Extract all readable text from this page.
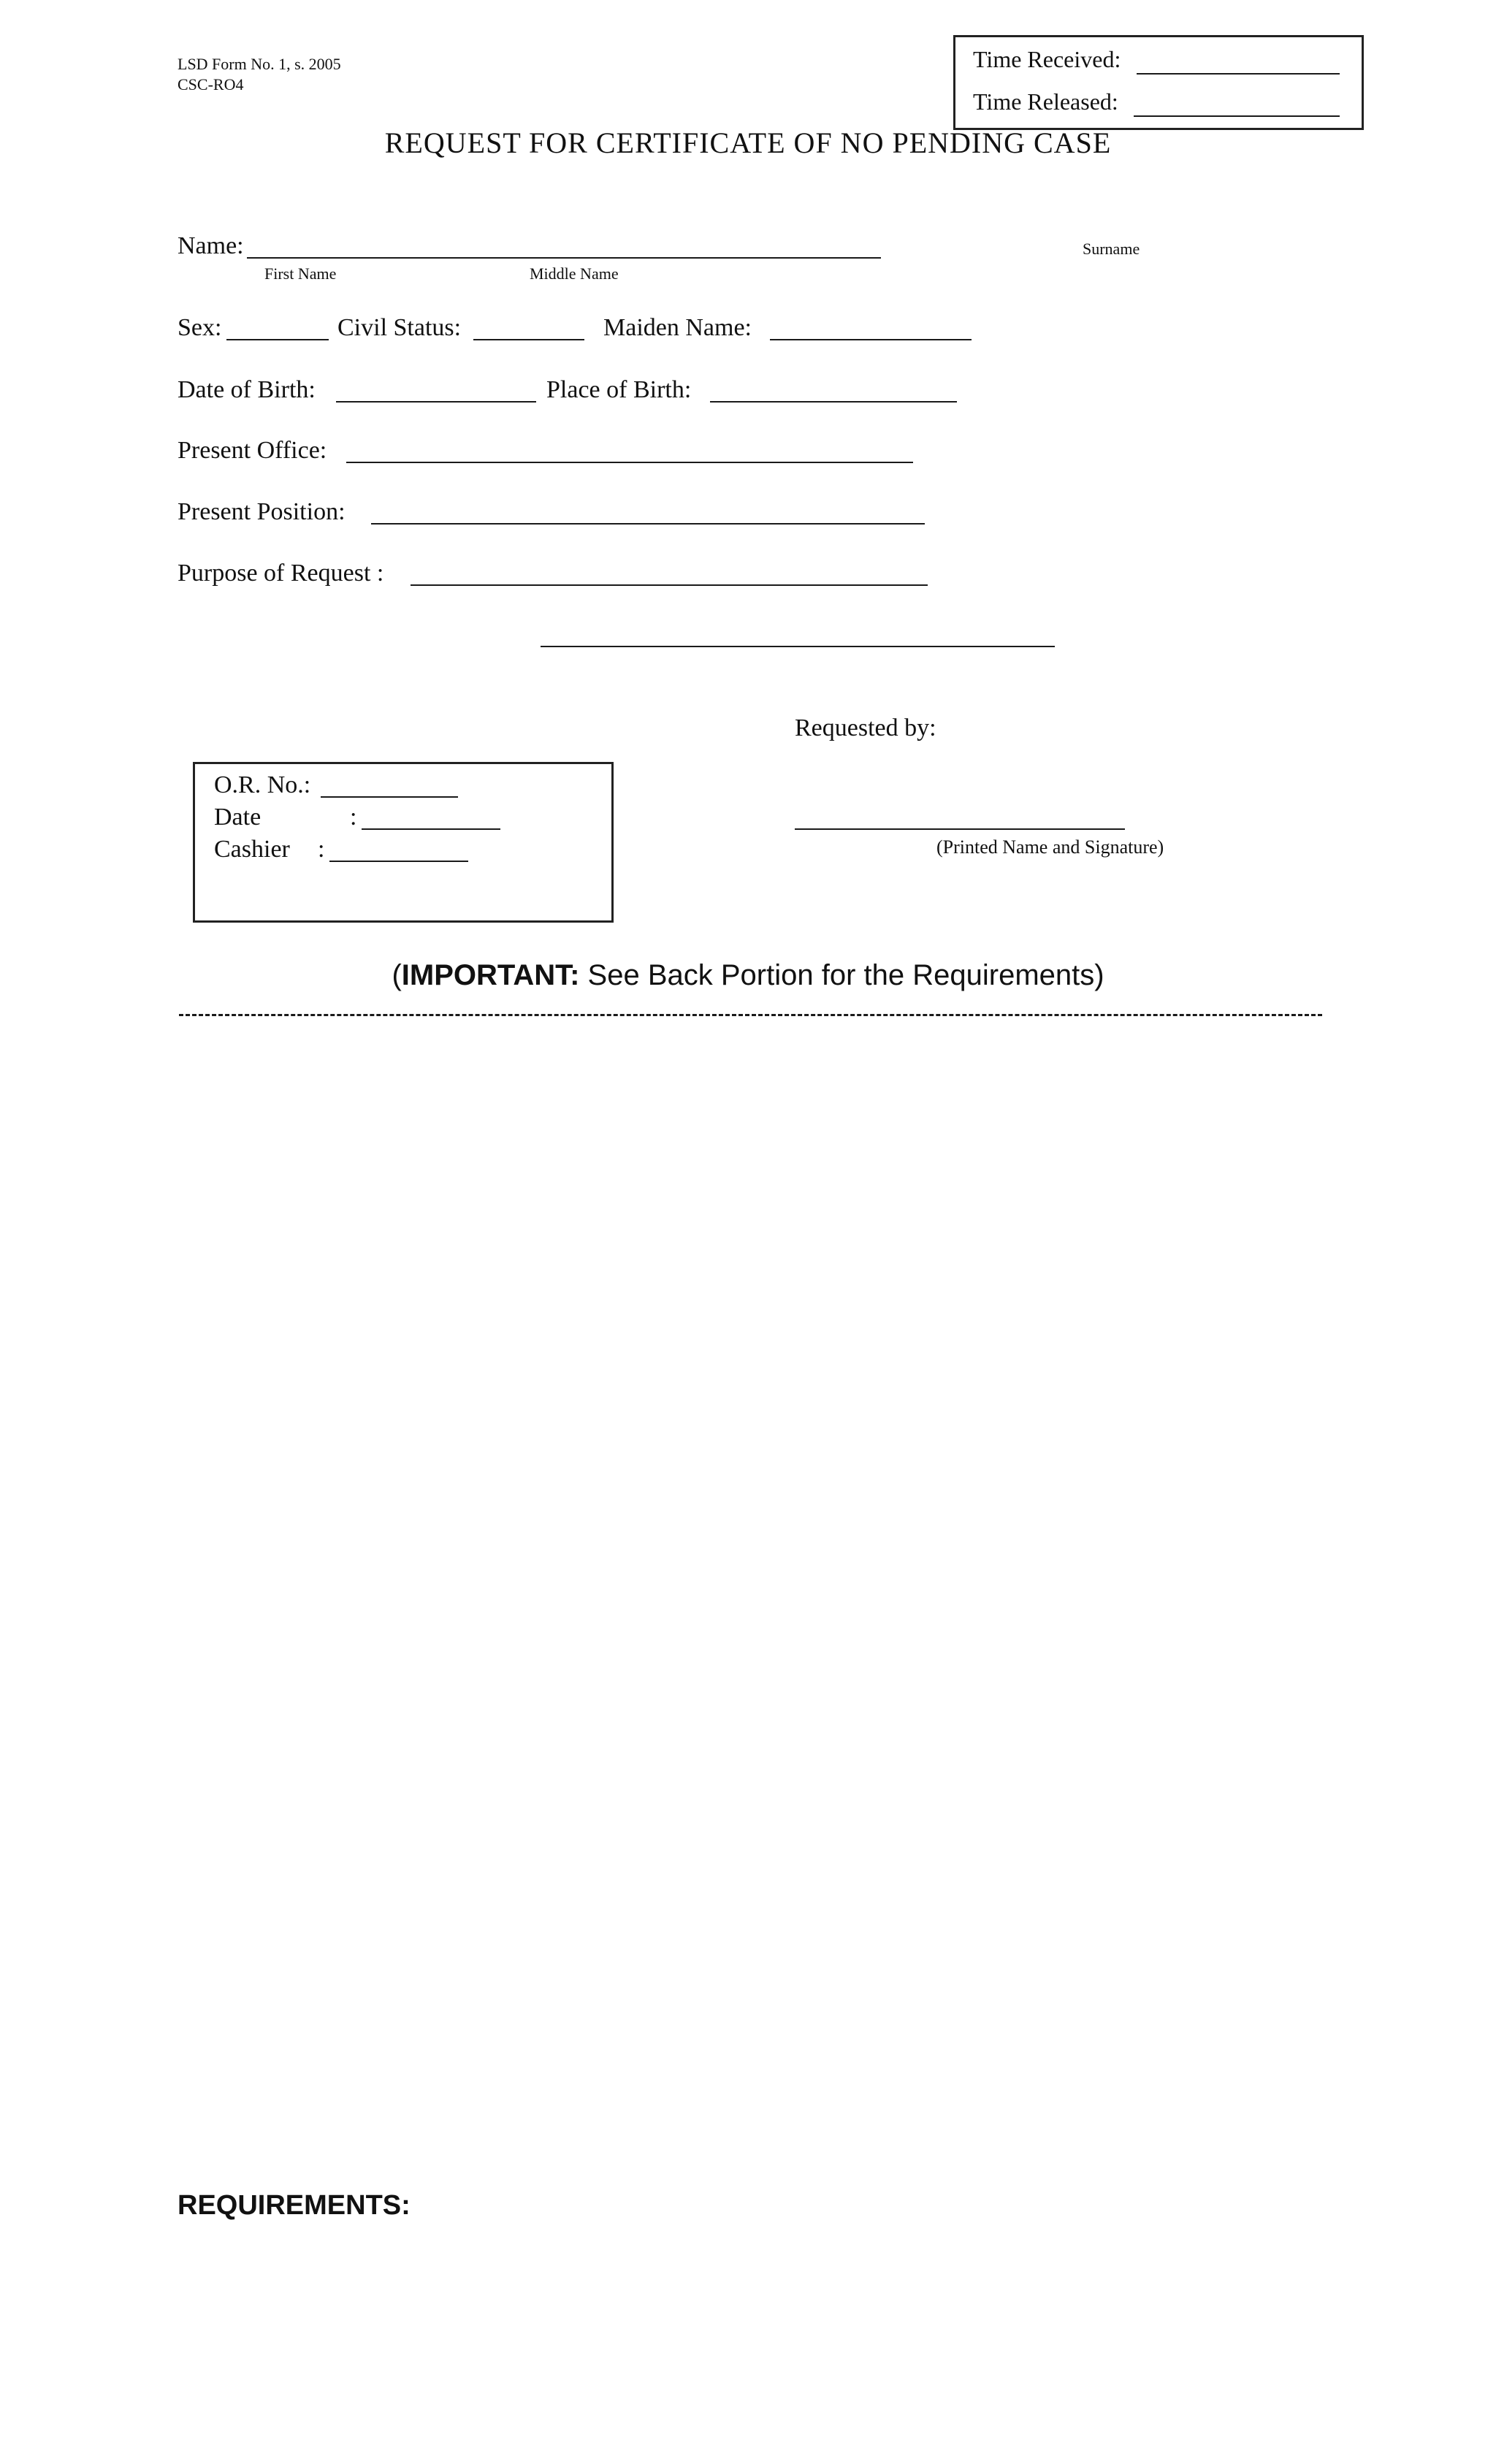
LSD Form No. 1, s. 2005
CSC-RO4
Time Received:
Time Released:
REQUEST FOR CERTIFICATE OF NO PENDING CASE
Name:
First Name	Middle Name
Surname
Sex:	Civil Status:	Maiden Name:
Date of Birth:	Place of Birth:
Present Office:
Present Position:
Purpose of Request :
Requested by:
(Printed Name and Signature)
O.R. No.:
Date	:
Cashier :
(IMPORTANT: See Back Portion for the Requirements)
REQUIREMENTS:
